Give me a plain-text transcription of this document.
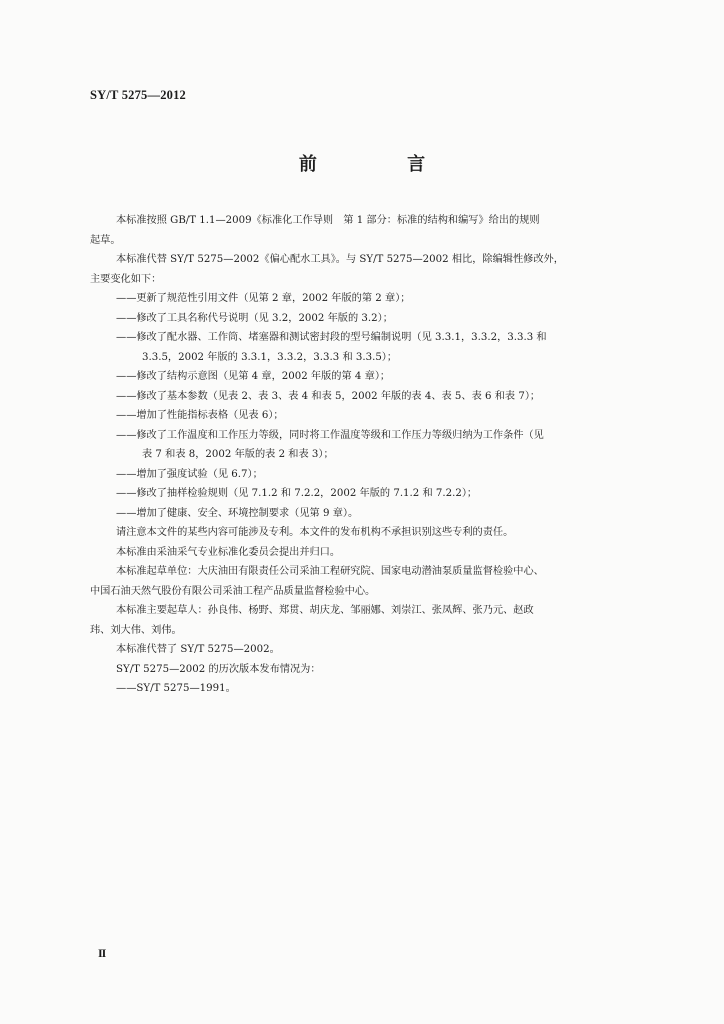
SY/T 5275—2012
前 言
本标准按照 GB/T 1.1—2009《标准化工作导则　第 1 部分：标准的结构和编写》给出的规则
起草。
本标准代替 SY/T 5275—2002《偏心配水工具》。与 SY/T 5275—2002 相比，除编辑性修改外，
主要变化如下：
——更新了规范性引用文件（见第 2 章，2002 年版的第 2 章）；
——修改了工具名称代号说明（见 3.2，2002 年版的 3.2）；
——修改了配水器、工作筒、堵塞器和测试密封段的型号编制说明（见 3.3.1，3.3.2，3.3.3 和
3.3.5，2002 年版的 3.3.1，3.3.2，3.3.3 和 3.3.5）；
——修改了结构示意图（见第 4 章，2002 年版的第 4 章）；
——修改了基本参数（见表 2、表 3、表 4 和表 5，2002 年版的表 4、表 5、表 6 和表 7）；
——增加了性能指标表格（见表 6）；
——修改了工作温度和工作压力等级，同时将工作温度等级和工作压力等级归纳为工作条件（见
表 7 和表 8，2002 年版的表 2 和表 3）；
——增加了强度试验（见 6.7）；
——修改了抽样检验规则（见 7.1.2 和 7.2.2，2002 年版的 7.1.2 和 7.2.2）；
——增加了健康、安全、环境控制要求（见第 9 章）。
请注意本文件的某些内容可能涉及专利。本文件的发布机构不承担识别这些专利的责任。
本标准由采油采气专业标准化委员会提出并归口。
本标准起草单位：大庆油田有限责任公司采油工程研究院、国家电动潜油泵质量监督检验中心、
中国石油天然气股份有限公司采油工程产品质量监督检验中心。
本标准主要起草人：孙良伟、杨野、郑贯、胡庆龙、邹丽娜、刘崇江、张凤辉、张乃元、赵政
玮、刘大伟、刘伟。
本标准代替了 SY/T 5275—2002。
SY/T 5275—2002 的历次版本发布情况为：
——SY/T 5275—1991。
II
